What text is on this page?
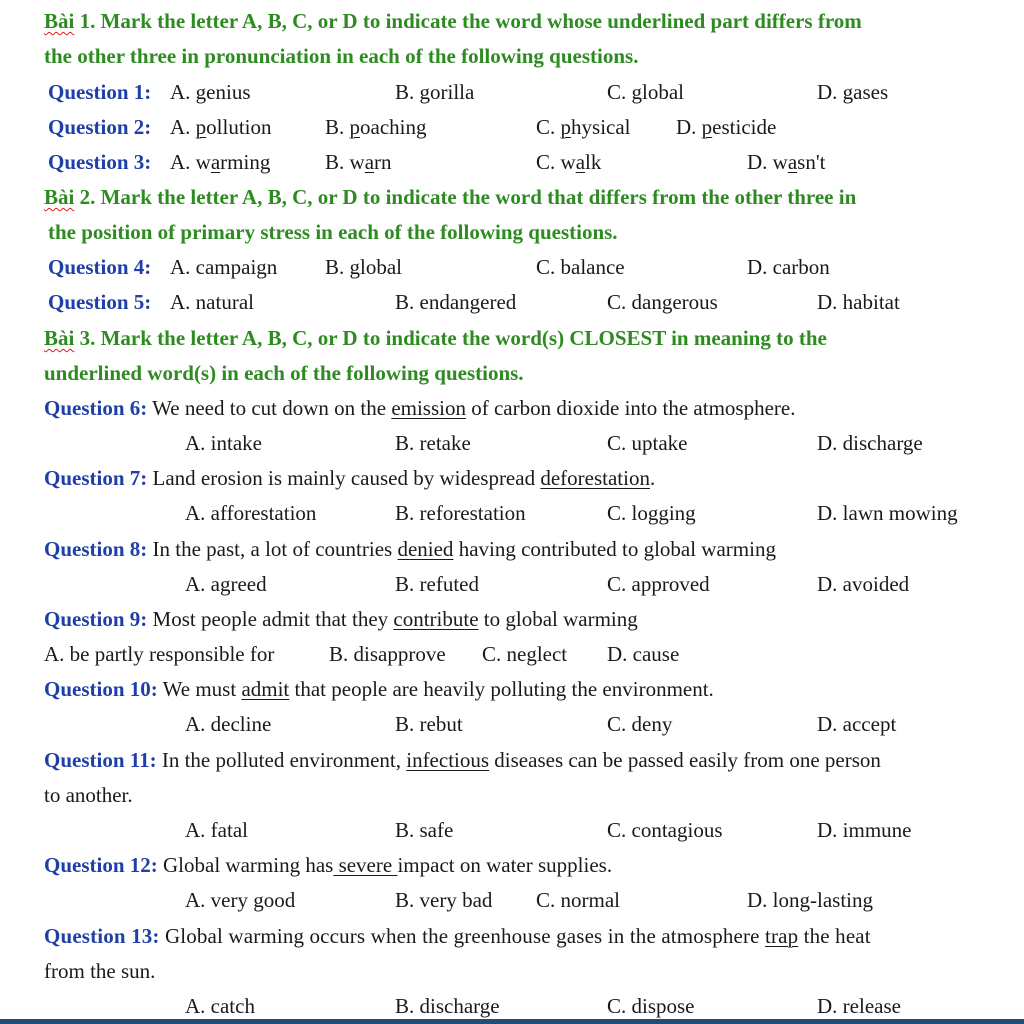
Bài 1. Mark the letter A, B, C, or D to indicate the word whose underlined part differs from
the other three in pronunciation in each of the following questions.
Question 1: A. genius	B. gorilla	C. global	D. gases
Question 2: A. pollution	B. poaching	C. physical D. pesticide
Question 3: A. warming	B. warn	C. walk	D. wasn't
Bài 2. Mark the letter A, B, C, or D to indicate the word that differs from the other three in
the position of primary stress in each of the following questions.
Question 4: A. campaign B. global	C. balance	D. carbon
Question 5: A. natural	B. endangered	C. dangerous	D. habitat
Bài 3. Mark the letter A, B, C, or D to indicate the word(s) CLOSEST in meaning to the
underlined word(s) in each of the following questions.
Question 6: We need to cut down on the emission of carbon dioxide into the atmosphere.
A. intake	B. retake	C. uptake	D. discharge
Question 7: Land erosion is mainly caused by widespread deforestation.
A. afforestation	B. reforestation	C. logging	D. lawn mowing
Question 8: In the past, a lot of countries denied having contributed to global warming
A. agreed	B. refuted	C. approved	D. avoided
Question 9: Most people admit that they contribute to global warming
A. be partly responsible for	B. disapprove C. neglect D. cause
Question 10: We must admit that people are heavily polluting the environment.
A. decline	B. rebut	C. deny	D. accept
Question 11: In the polluted environment, infectious diseases can be passed easily from one person
to another.
A. fatal	B. safe	C. contagious	D. immune
Question 12: Global warming has severe impact on water supplies.
A. very good	B. very bad C. normal	D. long-lasting
Question 13: Global warming occurs when the greenhouse gases in the atmosphere trap the heat
from the sun.
A. catch	B. discharge	C. dispose	D. release
